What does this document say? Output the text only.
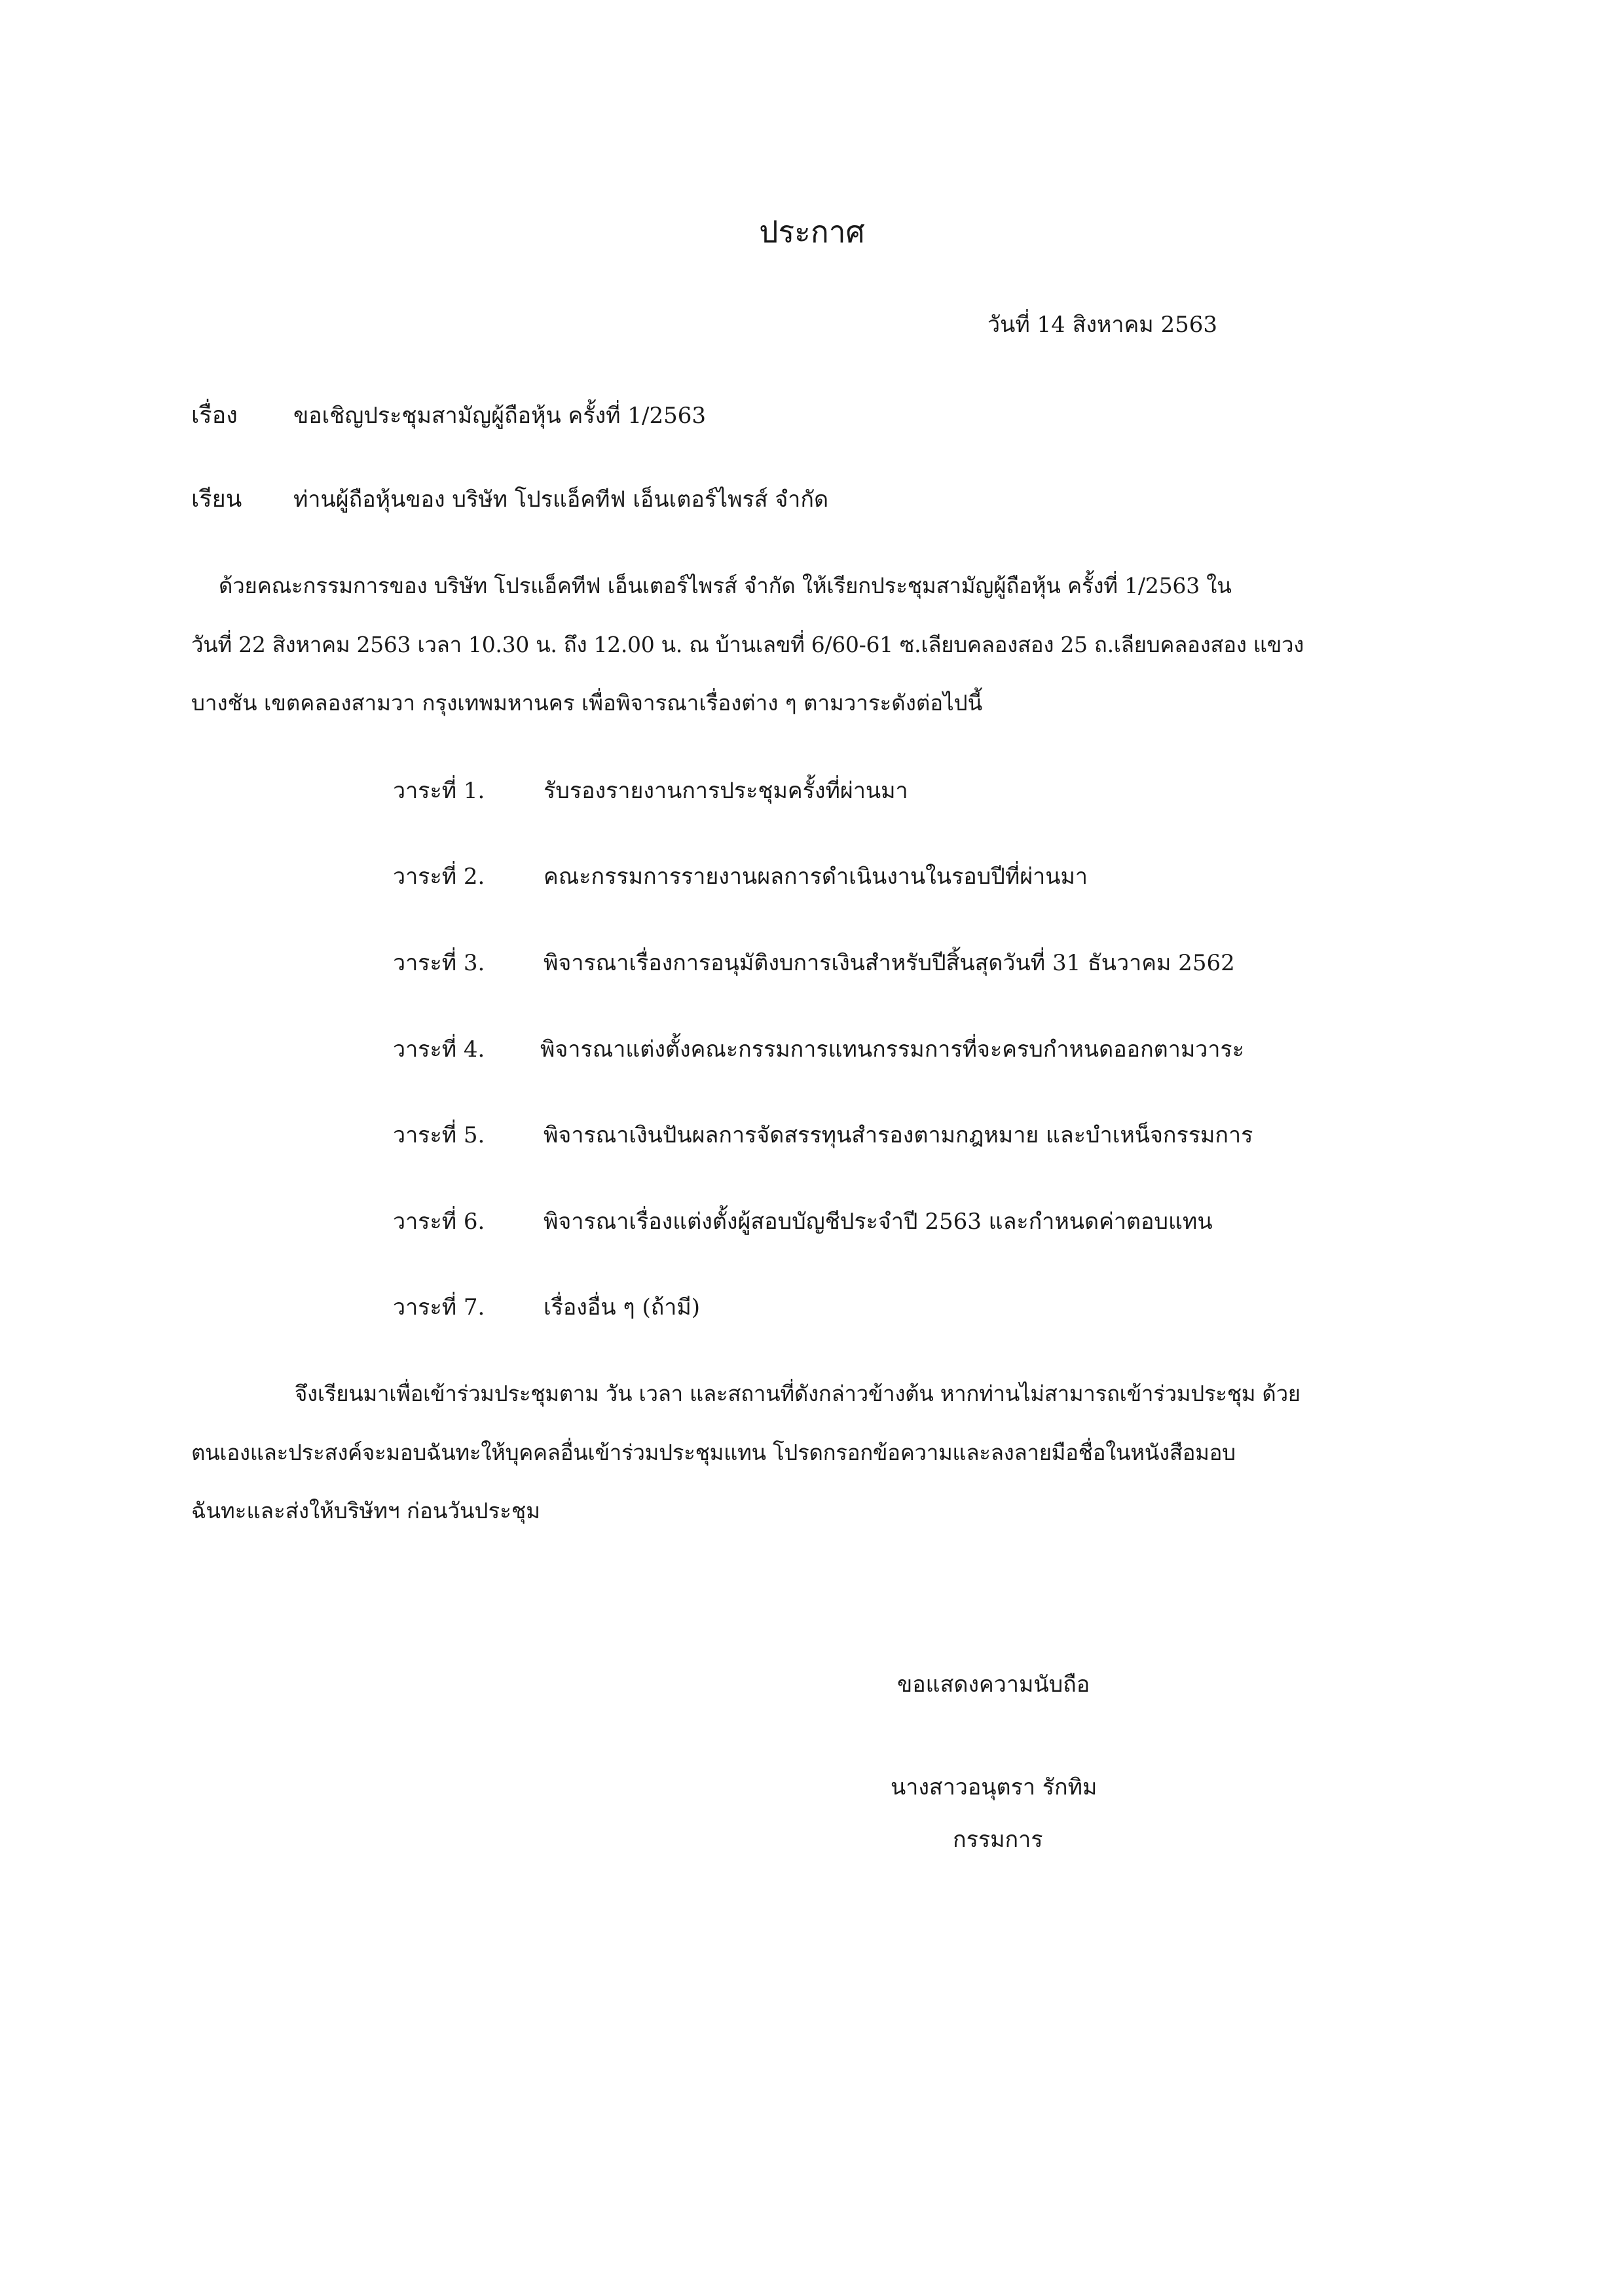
ประกาศ
วันที่ 14 สิงหาคม 2563
เรื่อง	ขอเชิญประชุมสามัญผู้ถือหุ้น ครั้งที่ 1/2563
เรียน ท่านผู้ถือหุ้นของ บริษัท โปรแอ็คทีฟ เอ็นเตอร์ไพรส์ จำกัด
ด้วยคณะกรรมการของ บริษัท โปรแอ็คทีฟ เอ็นเตอร์ไพรส์ จำกัด ให้เรียกประชุมสามัญผู้ถือหุ้น ครั้งที่ 1/2563 ใน
วันที่ 22 สิงหาคม 2563 เวลา 10.30 น. ถึง 12.00 น. ณ บ้านเลขที่ 6/60-61 ซ.เลียบคลองสอง 25 ถ.เลียบคลองสอง แขวง
บางชัน เขตคลองสามวา กรุงเทพมหานคร เพื่อพิจารณาเรื่องต่าง ๆ ตามวาระดังต่อไปนี้
วาระที่ 1.	รับรองรายงานการประชุมครั้งที่ผ่านมา
วาระที่ 2.	คณะกรรมการรายงานผลการดำเนินงานในรอบปีที่ผ่านมา
วาระที่ 3.	พิจารณาเรื่องการอนุมัติงบการเงินสำหรับปีสิ้นสุดวันที่ 31 ธันวาคม 2562
วาระที่ 4. พิจารณาแต่งตั้งคณะกรรมการแทนกรรมการที่จะครบกำหนดออกตามวาระ
วาระที่ 5.	พิจารณาเงินปันผลการจัดสรรทุนสำรองตามกฎหมาย และบำเหน็จกรรมการ
วาระที่ 6.	พิจารณาเรื่องแต่งตั้งผู้สอบบัญชีประจำปี 2563 และกำหนดค่าตอบแทน
วาระที่ 7.	เรื่องอื่น ๆ (ถ้ามี)
จึงเรียนมาเพื่อเข้าร่วมประชุมตาม วัน เวลา และสถานที่ดังกล่าวข้างต้น หากท่านไม่สามารถเข้าร่วมประชุม ด้วย
ตนเองและประสงค์จะมอบฉันทะให้บุคคลอื่นเข้าร่วมประชุมแทน โปรดกรอกข้อความและลงลายมือชื่อในหนังสือมอบ
ฉันทะและส่งให้บริษัทฯ ก่อนวันประชุม
ขอแสดงความนับถือ
นางสาวอนุตรา รักทิม
กรรมการ
